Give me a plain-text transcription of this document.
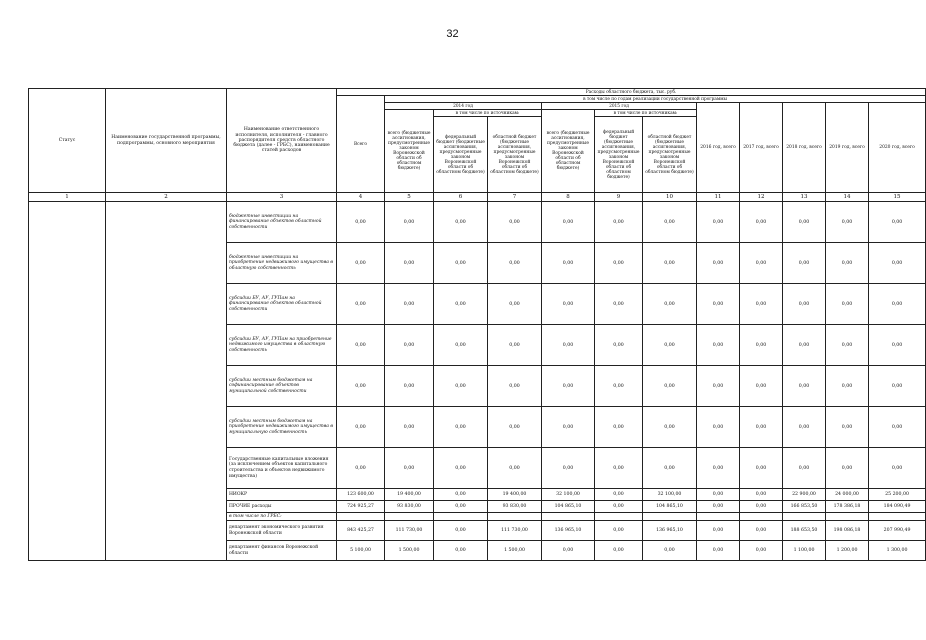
32
Статус	Наименование государственной программы, подпрограммы, основного мероприятия	Наименование ответственного исполнителя, исполнителя - главного распорядителя средств областного бюджета (далее - ГРБС), наименование статей расходов	Расходы областного бюджета, тыс. руб.											
			Всего	в том числе по годам реализации государственной программы										
				2014 год			2015 год			2016 год, всего	2017 год, всего	2018 год, всего	2019 год, всего	2020 год, всего
				всего (бюджетные ассигнования, предусмотренные законом Воронежской области об областном бюджете)	в том числе по источникам:		всего (бюджетные ассигнования, предусмотренные законом Воронежской области об областном бюджете)	в том числе по источникам:						
					федеральный бюджет (бюджетные ассигнования, предусмотренные законом Воронежской области об областном бюджете)	областной бюджет (бюджетные ассигнования, предусмотренные законом Воронежской области об областном бюджете)		федеральный бюджет (бюджетные ассигнования, предусмотренные законом Воронежской области об областном бюджете)	областной бюджет (бюджетные ассигнования, предусмотренные законом Воронежской области об областном бюджете)					
1	2	3	4	5	6	7	8	9	10	11	12	13	14	15
		бюджетные инвестиции на финансирование объектов областной собственности	0,00	0,00	0,00	0,00	0,00	0,00	0,00	0,00	0,00	0,00	0,00	0,00
		бюджетные инвестиции на приобретение недвижимого имущества в областную собственность	0,00	0,00	0,00	0,00	0,00	0,00	0,00	0,00	0,00	0,00	0,00	0,00
		субсидии БУ, АУ, ГУПам на финансирование объектов областной собственности	0,00	0,00	0,00	0,00	0,00	0,00	0,00	0,00	0,00	0,00	0,00	0,00
		субсидии БУ, АУ, ГУПам на приобретение недвижимого имущества в областную собственность	0,00	0,00	0,00	0,00	0,00	0,00	0,00	0,00	0,00	0,00	0,00	0,00
		субсидии местным бюджетам на софинансирование объектов муниципальной собственности	0,00	0,00	0,00	0,00	0,00	0,00	0,00	0,00	0,00	0,00	0,00	0,00
		субсидии местным бюджетам на приобретение недвижимого имущества в муниципальную собственность	0,00	0,00	0,00	0,00	0,00	0,00	0,00	0,00	0,00	0,00	0,00	0,00
		Государственные капитальные вложения (за исключением объектов капитального строительства и объектов недвижимого имущества)	0,00	0,00	0,00	0,00	0,00	0,00	0,00	0,00	0,00	0,00	0,00	0,00
		НИОКР	123 600,00	19 400,00	0,00	19 400,00	32 100,00	0,00	32 100,00	0,00	0,00	22 900,00	24 000,00	25 200,00
		ПРОЧИЕ расходы	724 925,27	93 830,00	0,00	93 830,00	104 865,10	0,00	104 865,10	0,00	0,00	166 853,50	178 386,18	184 090,49
		в том числе по ГРБС:												
		департамент экономического развития Воронежской области	843 425,27	111 730,00	0,00	111 730,00	136 965,10	0,00	136 965,10	0,00	0,00	188 653,50	198 086,18	207 990,49
		департамент финансов Воронежской области	5 100,00	1 500,00	0,00	1 500,00	0,00	0,00	0,00	0,00	0,00	1 100,00	1 200,00	1 300,00
